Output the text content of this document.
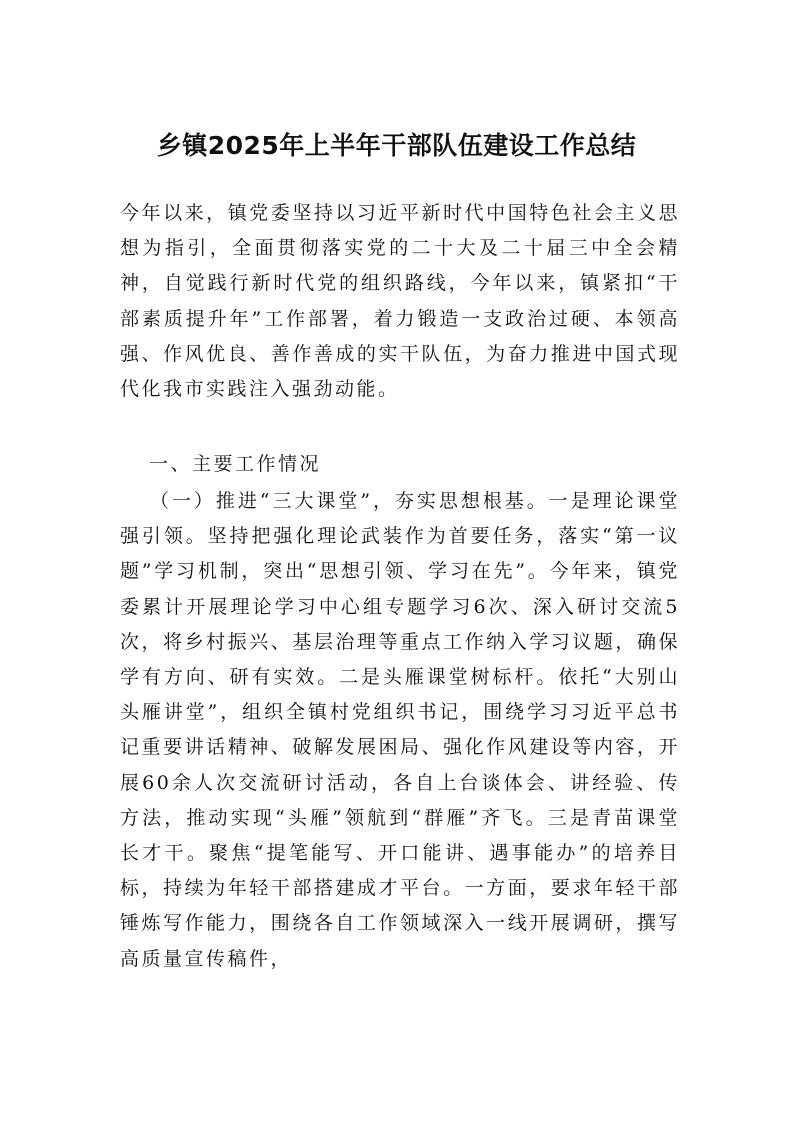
乡镇2025年上半年干部队伍建设工作总结

今年以来，镇党委坚持以习近平新时代中国特色社会主义思想为指引，全面贯彻落实党的二十大及二十届三中全会精神，自觉践行新时代党的组织路线，今年以来，镇紧扣“干部素质提升年”工作部署，着力锻造一支政治过硬、本领高强、作风优良、善作善成的实干队伍，为奋力推进中国式现代化我市实践注入强劲动能。

一、主要工作情况

（一）推进“三大课堂”，夯实思想根基。一是理论课堂强引领。坚持把强化理论武装作为首要任务，落实“第一议题”学习机制，突出“思想引领、学习在先”。今年来，镇党委累计开展理论学习中心组专题学习6次、深入研讨交流5次，将乡村振兴、基层治理等重点工作纳入学习议题，确保学有方向、研有实效。二是头雁课堂树标杆。依托“大别山头雁讲堂”，组织全镇村党组织书记，围绕学习习近平总书记重要讲话精神、破解发展困局、强化作风建设等内容，开展60余人次交流研讨活动，各自上台谈体会、讲经验、传方法，推动实现“头雁”领航到“群雁”齐飞。三是青苗课堂长才干。聚焦“提笔能写、开口能讲、遇事能办”的培养目标，持续为年轻干部搭建成才平台。一方面，要求年轻干部锤炼写作能力，围绕各自工作领域深入一线开展调研，撰写高质量宣传稿件，
